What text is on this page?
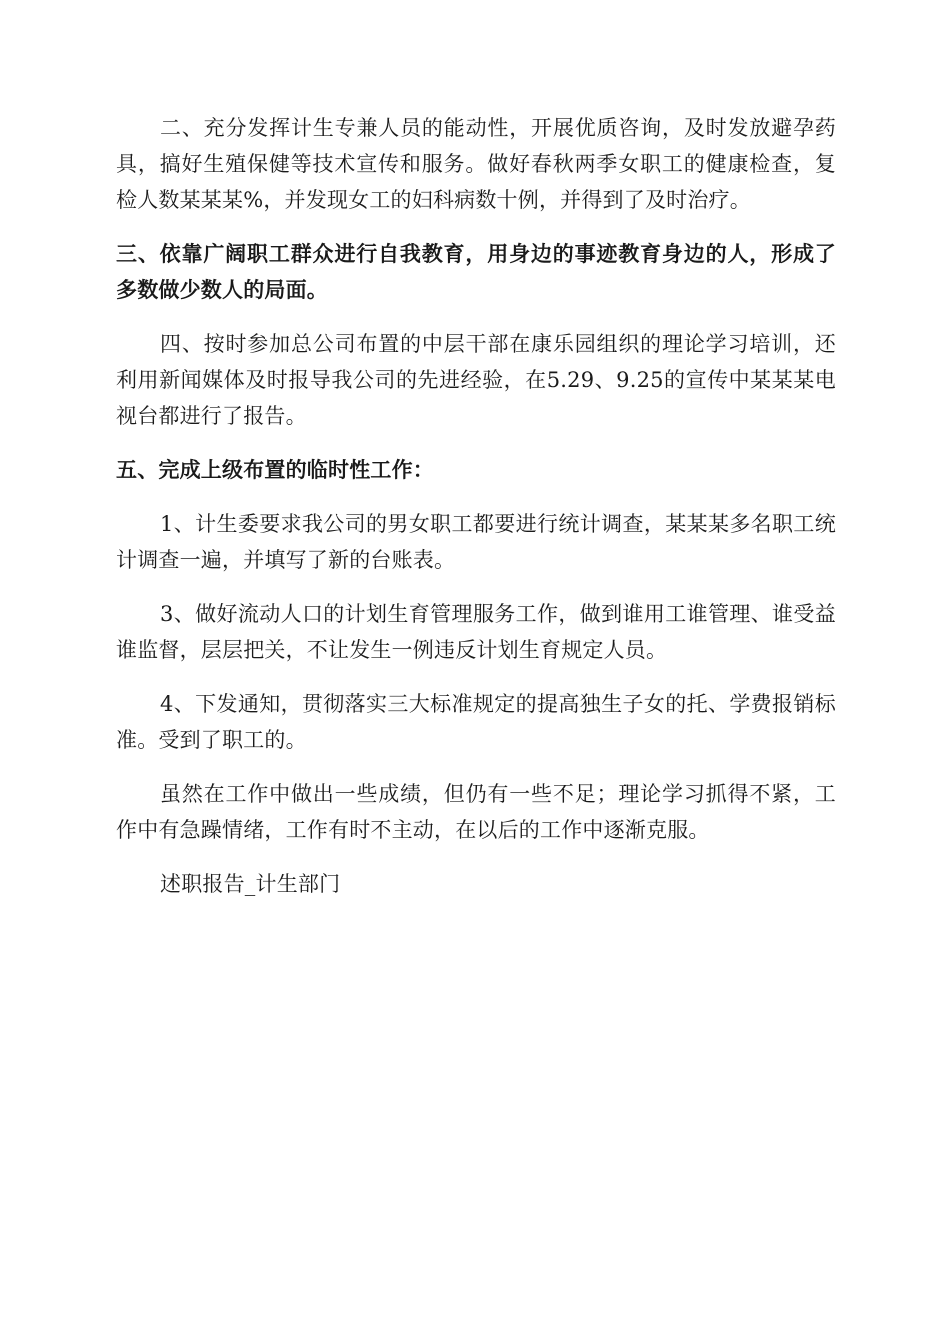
二、充分发挥计生专兼人员的能动性，开展优质咨询，及时发放避孕药具，搞好生殖保健等技术宣传和服务。做好春秋两季女职工的健康检查，复检人数某某某%，并发现女工的妇科病数十例，并得到了及时治疗。

三、依靠广阔职工群众进行自我教育，用身边的事迹教育身边的人，形成了多数做少数人的局面。

四、按时参加总公司布置的中层干部在康乐园组织的理论学习培训，还利用新闻媒体及时报导我公司的先进经验，在5.29、9.25的宣传中某某某电视台都进行了报告。

五、完成上级布置的临时性工作：

1、计生委要求我公司的男女职工都要进行统计调查，某某某多名职工统计调查一遍，并填写了新的台账表。

3、做好流动人口的计划生育管理服务工作，做到谁用工谁管理、谁受益谁监督，层层把关，不让发生一例违反计划生育规定人员。

4、下发通知，贯彻落实三大标准规定的提高独生子女的托、学费报销标准。受到了职工的。

虽然在工作中做出一些成绩，但仍有一些不足；理论学习抓得不紧，工作中有急躁情绪，工作有时不主动，在以后的工作中逐渐克服。

述职报告_计生部门
